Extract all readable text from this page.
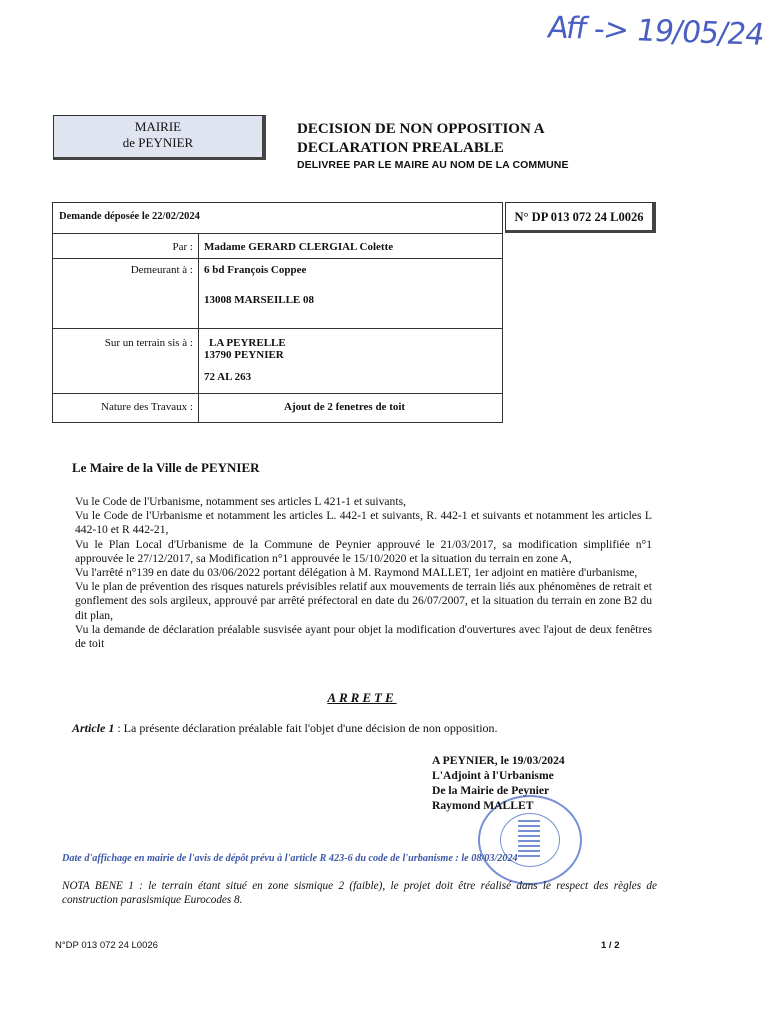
Aff -> 19/05/24
MAIRIE
de PEYNIER
DECISION DE NON OPPOSITION A
DECLARATION PREALABLE
DELIVREE PAR LE MAIRE AU NOM DE LA COMMUNE
Demande déposée le 22/02/2024
Par : Madame GERARD CLERGIAL Colette
Demeurant à : 6 bd François Coppee
13008 MARSEILLE 08
Sur un terrain sis à : LA PEYRELLE
13790 PEYNIER
72 AL 263
Nature des Travaux :	Ajout de 2 fenetres de toit
N° DP 013 072 24 L0026
Le Maire de la Ville de PEYNIER

Vu le Code de l'Urbanisme, notamment ses articles L 421-1 et suivants,

Vu le Code de l'Urbanisme et notamment les articles L. 442-1 et suivants, R. 442-1 et suivants et notamment les articles L 442-10 et R 442-21,

Vu le Plan Local d'Urbanisme de la Commune de Peynier approuvé le 21/03/2017, sa modification simplifiée n°1 approuvée le 27/12/2017, sa Modification n°1 approuvée le 15/10/2020 et la situation du terrain en zone A,

Vu l'arrêté n°139 en date du 03/06/2022 portant délégation à M. Raymond MALLET, 1er adjoint en matière d'urbanisme,

Vu le plan de prévention des risques naturels prévisibles relatif aux mouvements de terrain liés aux phénomènes de retrait et gonflement des sols argileux, approuvé par arrêté préfectoral en date du 26/07/2007, et la situation du terrain en zone B2 du dit plan,

Vu la demande de déclaration préalable susvisée ayant pour objet la modification d'ouvertures avec l'ajout de deux fenêtres de toit

ARRETE
Article 1 : La présente déclaration préalable fait l'objet d'une décision de non opposition.
A PEYNIER, le 19/03/2024
L'Adjoint à l'Urbanisme
De la Mairie de Peynier
Raymond MALLET
Date d'affichage en mairie de l'avis de dépôt prévu à l'article R 423-6 du code de l'urbanisme : le 08/03/2024
NOTA BENE 1 : le terrain étant situé en zone sismique 2 (faible), le projet doit être réalisé dans le respect des règles de construction parasismique Eurocodes 8.
N°DP 013 072 24 L0026	1 / 2
